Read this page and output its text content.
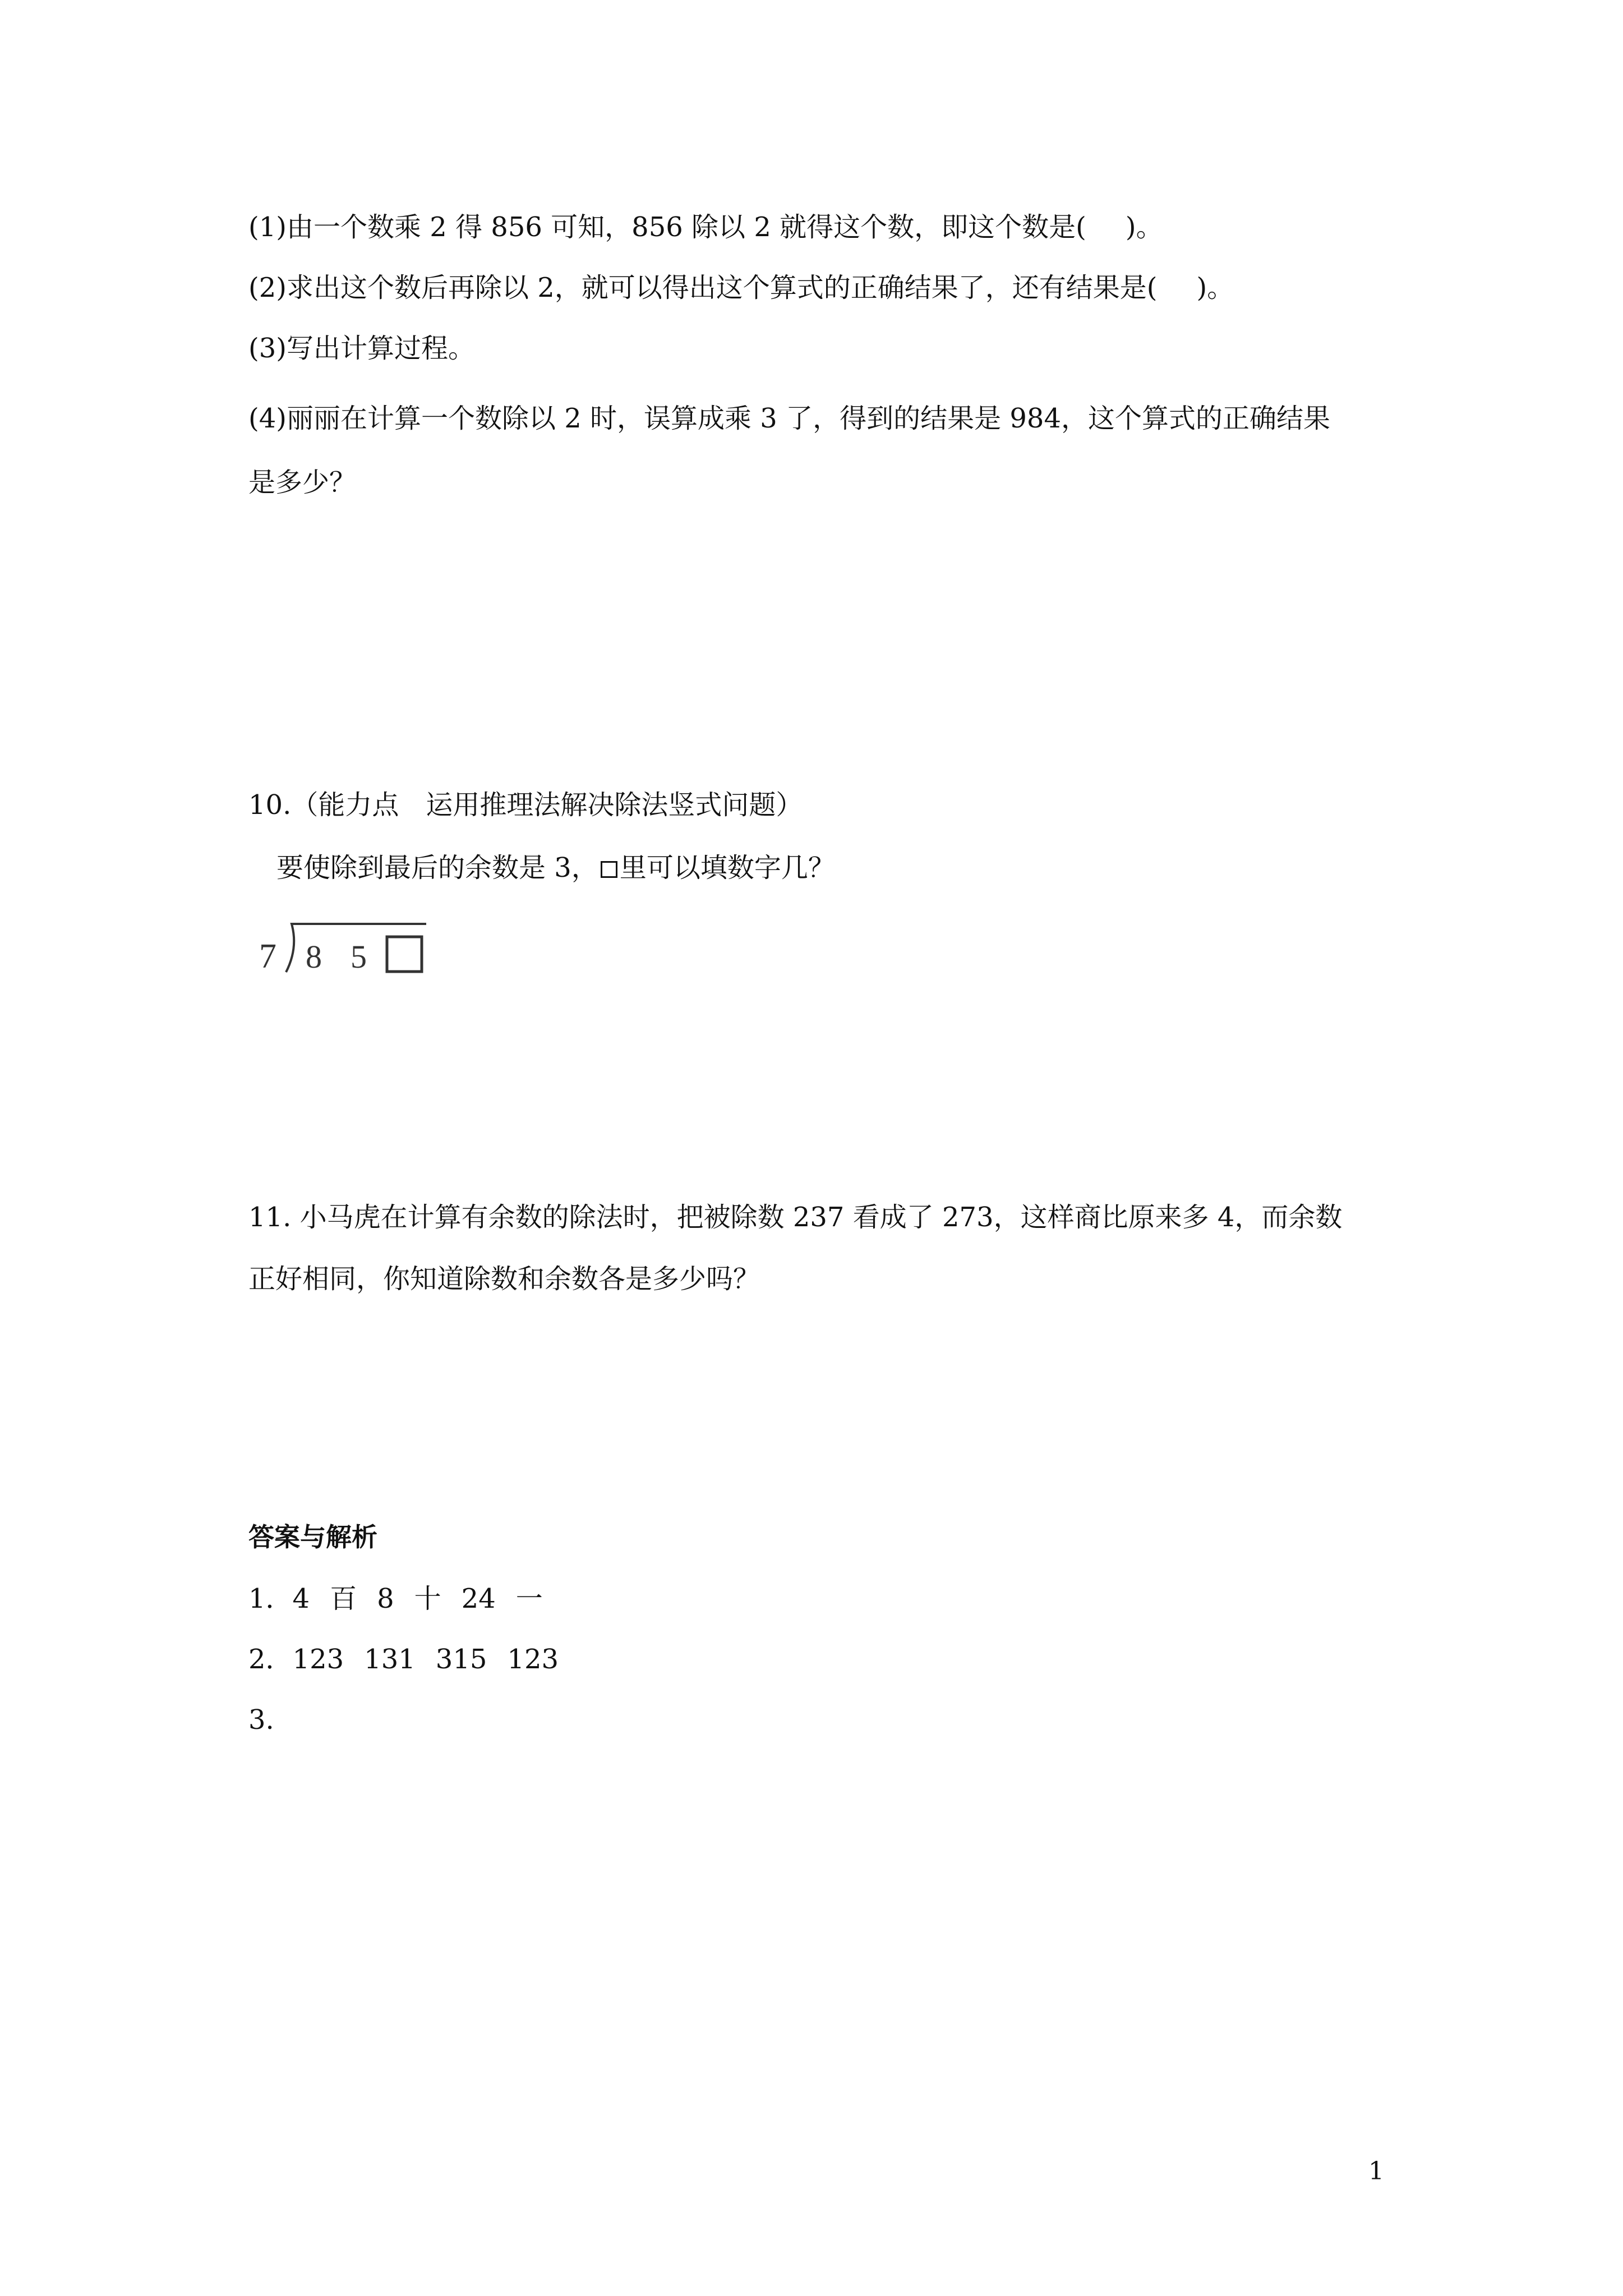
(1)由一个数乘 2 得 856 可知，856 除以 2 就得这个数，即这个数是( )。
(2)求出这个数后再除以 2，就可以得出这个算式的正确结果了，还有结果是( )。
(3)写出计算过程。
(4)丽丽在计算一个数除以 2 时，误算成乘 3 了，得到的结果是 984，这个算式的正确结果
是多少？
10.（能力点　运用推理法解决除法竖式问题）
要使除到最后的余数是 3， 里可以填数字几？
7 8 5
11. 小马虎在计算有余数的除法时，把被除数 237 看成了 273，这样商比原来多 4，而余数
正好相同，你知道除数和余数各是多少吗？
答案与解析
1．4 百 8 十 24 一
2．123 131 315 123
3.
1
